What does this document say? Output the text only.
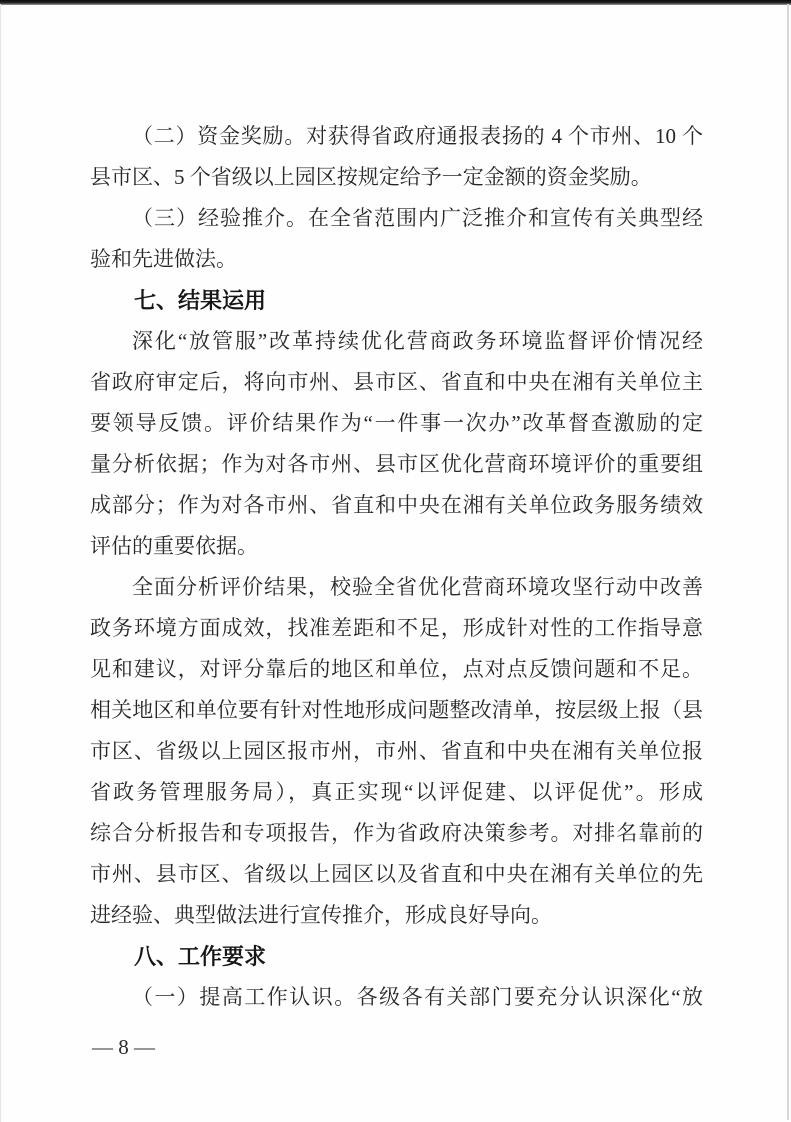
（二）资金奖励。对获得省政府通报表扬的 4 个市州、10 个
县市区、5 个省级以上园区按规定给予一定金额的资金奖励。
（三）经验推介。在全省范围内广泛推介和宣传有关典型经
验和先进做法。
七、结果运用
深化“放管服”改革持续优化营商政务环境监督评价情况经
省政府审定后，将向市州、县市区、省直和中央在湘有关单位主
要领导反馈。评价结果作为“一件事一次办”改革督查激励的定
量分析依据；作为对各市州、县市区优化营商环境评价的重要组
成部分；作为对各市州、省直和中央在湘有关单位政务服务绩效
评估的重要依据。
全面分析评价结果，校验全省优化营商环境攻坚行动中改善
政务环境方面成效，找准差距和不足，形成针对性的工作指导意
见和建议，对评分靠后的地区和单位，点对点反馈问题和不足。
相关地区和单位要有针对性地形成问题整改清单，按层级上报（县
市区、省级以上园区报市州，市州、省直和中央在湘有关单位报
省政务管理服务局），真正实现“以评促建、以评促优”。形成
综合分析报告和专项报告，作为省政府决策参考。对排名靠前的
市州、县市区、省级以上园区以及省直和中央在湘有关单位的先
进经验、典型做法进行宣传推介，形成良好导向。
八、工作要求
（一）提高工作认识。各级各有关部门要充分认识深化“放
— 8 —
